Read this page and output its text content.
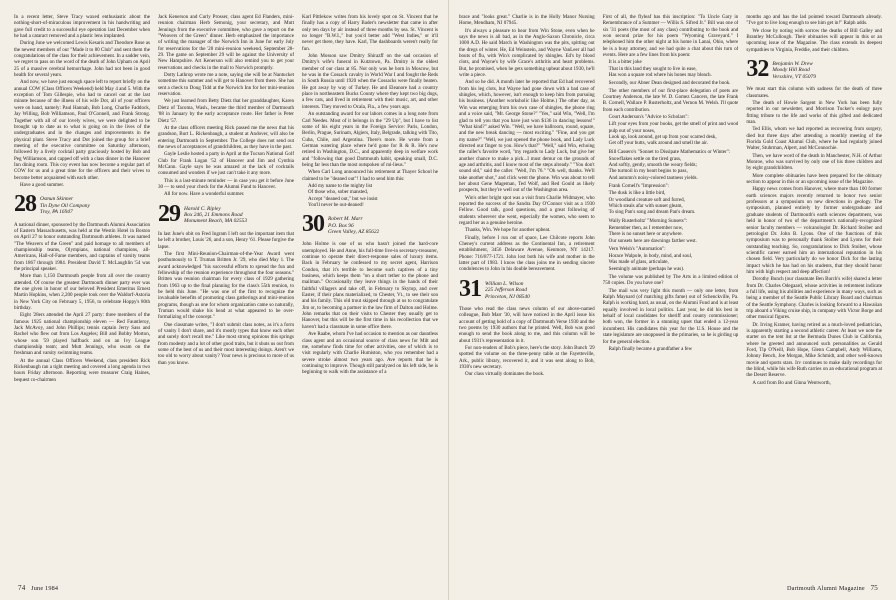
In a recent letter, Steve Tracy waxed enthusiastic about the nothing-short-of-miraculous improvement in his handwriting and gave full credit to a successful eye operation last December when he had a cataract removed and a plastic lens implanted.

During June we welcomed Lewis Kesaris and Theodore Rose as the newest members of our "Made it to 80 Club" and sent them the congratulations of the class for their achievement. In a sadder vein, we regret to pass on the word of the death of John Upham on April 25 of a massive cerebral hemorrhage. John had not been in good health for several years.

And now, we have just enough space left to report briefly on the annual COW (Class Officers Weekend) held May 4 and 5. With the exception of Tom Gillespie, who had to cancel out at the last minute because of the illness of his wife Dot, all of your officers were on hand, namely: Paul Hannah, Bob Long, Charlie Faddock, Jay Willing, Bob Williamson, Paul O'Connell, and Frank Strong. Together with all of our lovely wives, we were delighted to be brought up to date as to what is going on in the lives of the undergraduates and in the changes and improvements in the physical plant. Steve Tracy and Dot joined the group for a brief meeting of the executive committee on Saturday afternoon, followed by a lively cocktail party graciously hosted by Bob and Peg Williamson, and capped off with a class dinner in the Hanover Inn dining room. This coy event has now become a regular part of COW for us and a great time for the officers and their wives to become better acquainted with each other.

Have a good summer.

28 Osmun Skinner
Tin Dyne Oil Company
Troy, PA 16947

A national dinner, sponsored by the Dartmouth Alumni Association of Eastern Massachusetts, was held at the Westin Hotel in Boston on April 27 to honor outstanding Dartmouth athletes. It was named "The Weavers of the Green" and paid homage to all members of championship teams, Olympians, national champions, all-Americans, Hall-of-Fame members, and captains of varsity teams from 1867 through 1984. President David T. McLaughlin '54 was the principal speaker.

More than 1,150 Dartmouth people from all over the country attended. Of course the greatest Dartmouth dinner party ever was the one given in honor of our beloved President Emeritus Ernest Martin Hopkins, when 2,200 people took over the Waldorf-Astoria in New York City on February 5, 1956, to celebrate Hoppy's 80th birthday.

Eight '28ers attended the April 27 party: three members of the famous 1925 national championship eleven — Red Fauntleroy, Jack McAvoy, and John Phillips; tennis captain Jerry Sass and Rachel who flew out from Los Angeles; Bill and Bobby Morton, whose son '59 played halfback and on an Ivy League championship team; and Mutt Jennings, who swam on the freshman and varsity swimming teams.

At the annual Class Officers Weekend, class president Rick Rickenbaugh ran a tight meeting and covered a long agenda in two hours Friday afternoon. Reporting were treasurer Craig Haines, bequest co-chairmen

Jack Kenerson and Curly Prosser, class agent Ed Flanders, mini-reunion chairman Herb Semonig, your secretary, and Mutt Jennings from the executive committee, who gave a report on the "Weavers of the Green" dinner. Herb emphasized the importance of writing the manager of the Norwich Inn in June for early July for reservations for the '28 mini-reunion weekend, September 28-29. The game on September 29 will be against the University of New Hampshire. Art Kenerson will also remind you to get your reservations and checks in the mail to Norwich promptly.

Dotty Lathrop wrote me a note, saying she will be at Nantucket sometime this summer and will get to Hanover from there. She has sent a check to Doug Tidd at the Norwich Inn for her mini-reunion reservation.

We just learned from Betty Dietz that her granddaughter, Karen Dietz of Tacoma, Wash., became the third member of Dartmouth '88 in January by the early acceptance route. Her father is Peter Dietz '57.

At the class officers meeting Rick passed me the news that his grandson, Burt L. Rickenbaugh, a student at Andover, will also be entering Dartmouth in September. The College does not send out the news of acceptances of grandchildren, as they have in the past.

Gayle Leslie hosted a party in April at the Tucson National Golf Club for Frank Logan '52 of Hanover and Jim and Cynthia McCann. Gayle says he was amazed at the lack of cocktails consumed and wonders if we just can't take it any more.

This is a last-minute reminder — in case you get it before June 30 — to send your check for the Alumni Fund to Hanover.

All for now. Have a wonderful summer.

29 Harold C. Ripley
Box 246, 21 Emmons Road
Monument Beach, MA 02553

In last June's obit on Fred Ingram I left out the important item that he left a brother, Louis '26, and a son, Henry '61. Please forgive the lapse.

The first Mini-Reunion-Chairman-of-the-Year Award went posthumously to T. Truman Britten Jr. '29, who died May 1. The award acknowledged "his successful efforts to spread the fun and fellowship of the reunion experience throughout the four seasons." Britten was reunion chairman for every class of 1929 gathering from 1963 up to the final planning for the class's 55th reunion, to be held this June. "He was one of the first to recognize the invaluable benefits of promoting class gatherings and mini-reunion programs, though as one for whom organization came so naturally, Truman would shake his head at what appeared to be over-formalizing of the concept."

One classmate writes, "I don't submit class notes, as it's a form of vanity I don't share, and it's mostly types that know each other and surely don't recall me." Like most strong opinions this springs from modesty and a lot of other good traits, but it shuts us out from some of the best of us and their most interesting doings. Aren't we too old to worry about vanity? Your news is precious to more of us than you know.

Karl Pittlekow writes from his lovely spot on St. Vincent that he finally has a copy of Harry Bader's newsletter that came in after only ten days by air instead of three months by sea. St. Vincent is no longer "B.W.I.," but you'd better add "West Indies," or it'll never get there, they have. Karl, The dashboards weren't really for fun.

John Mosson saw Dmitry Shirazff on the sad occasion of Dmitry's wife's funeral in Kutztown, Pa. Dmitry is the oldest member of our class at 85. Not only was he born in Moscow, but he was in the Cossack cavalry in World War I and fought the Reds in South Russia until 1920 when the Cossacks were finally beaten. He got away by way of Turkey. He and Eleanore had a country place in northeastern Bucks County where they kept two big dogs, a few cats, and lived in retirement with their music, art, and other interests. They moved to Ocala, Fla., a few years ago.

An outstanding award for our labors comes in a long note from Carl Needes. Most of it belongs in the "29 Up", but I have to list some of his eight years in the Foreign Service: Paris, London, Berlin, Prague, Surinam, Algiers, Italy, Belgrade, talking with Tito, Cuba, Chile, and Argentina. There's more. He wrote from a German watering place where he'd gone for R & R. He's now retired in Washington, D.C., and apparently deep in welfare work and "following that good Dartmouth habit, speaking small, D.C. being far less than the most outspoken of mi-lieus."

When Carl Long announced his retirement at Thayer School he claimed to be "deaned out"! I had to send him this:

Add my name to the mighty list
Of those who, sober mansted,
Accept "deaned out," but we insist
You'll never be out-deaned!
30 Robert M. Marr
P.O. Box 96
Green Valley, AZ 85622

John Holme is one of us who hasn't joined the hard-core unemployed. He and Anne, his full-time live-in secretary-treasurer, continue to operate their direct-response sales of luxury items. Back in February he confessed to my secret agent, Harrison Condon, that it's terrible to become such captives of a tiny business, which keeps them "on a short tether to the phone and mailman." Occasionally they leave things in the hands of their faithful villagers and take off, in February to Skytop, and over Easter, if their plans materialized, to Chester, Vt., to see their son and his family. This old trout skipped through at us to congratulate Jim or, to becoming a partner in the law firm of Dalton and Holme. John remarks that on their visits to Chester they usually get to Hanover, but this will be the first time in his recollection that we haven't had a classmate in some office there.

Ave Raabe, whom I've had occasion to mention as our dauntless class agent and an occasional source of class news for Milt and me, somehow finds time for other activities, one of which is to visit regularly with Charlie Humiston, who you remember had a severe stroke almost two years ago. Ave reports that he is continuing to improve. Though still paralyzed on his left side, he is beginning to walk with the assistance of a

74 June 1984

brace and "looks great." Charlie is in the Holly Manor Nursing Home, Mendham, NJ 07945.

It's always a pleasure to hear from Win Stone, even when he says the news is all bad, as in the Anglo-Saxon Chronicle, circa 1000 A.D. He said March in Washington was the pits, spitting out the dregs of winter. He, Ed Weinstein, and Wayne VanLeer all had bouts of flu, with Win's complicated by shingles. Ed's by blood clots, and Wayne's by wife Grace's arthritis and heart problems. But, he promised, when he gets something upbeat about 1930, he'll write a piece.

And so he did. A month later he reported that Ed had recovered from his leg clots, but Wayne had gone down with a bad case of shingles, which, however, isn't enough to keep him from pursuing his business. (Another worksholic like Holme.) The other day, as Win was emerging from his own case of shingles, the phone ring and a voice said, "Mr. George Stone?" "Yes," said Win, "Well, I'm glad to tell you that you have just won $136 in dancing lessons!" "What kind?" asked Win. "Well, we have ballroom, round, square, and the new break dancing — most exciting." "Fine, and you got my name?" "Well, we just opened the phone book, and Lady Luck directed our finger to you. How's that?" "Well," said Win, echoing the caller's favorite word, "my regards to Lady Luck, but give her another chance to make a pick...I must demur on the grounds of age and arthritis, and I know most of the steps already." "You don't sound old," said the caller. "Well, I'm 76." "Oh well, thanks. We'll take another shot," and click went the phone. Win was about to tell her about Gene Mageman, Ted Wolf, and Red Gould as likely prospects, but they're well out of the Washington area.

Win's other bright spot was a visit from Charlie Widmayer, who reported the success of the Sandra Day O'Connor visit as a 1930 Fellow. Good talk, good questions, and a great following of students wherever she went, especially the women, who seem to regard her as a genuine heroine.

Thanks, Win. We hope for another upbeat.

Finally, before I run out of space, Lee Chilcote reports John Cheney's current address as the Continental Inn, a retirement establishment, 3456 Delaware Avenue, Kenmore, NY 14217. Phone: 716/877-1721. John lost both his wife and mother in the latter part of 1983. I know the class joins me in sending sincere condolences to John in his double bereavement.

31 William L. Wilson
225 Jefferson Road
Princeton, NJ 08540

Those who read the class news column of our above-named colleague, Bob Marr '30, will have noticed in the April issue his account of getting hold of a copy of Dartmouth Verse 1930 and the two poems by 1930 authors that he printed. Well, Bob was good enough to send the book along to me, and this column will be about 1931's representation in it.

For non-readers of Bob's piece, here's the story. John Bunch '29 spotted the volume on the three-penny table at the Fayetteville, Ark., public library, recovered it, and it was sent along to Bob, 1930's new secretary.

Our class virtually dominates the book.

First of all, the flyleaf has this inscription: "To Uncle Gary in Remembrance of a Summer — Willis S. Sifred Jr." Bill was one of six '31 poets (the most of any class) contributing to the book and won second prize for his poem "Wyoming Graveyard." I telephoned him the other night at his home in Lanai, Ohio, where he is a busy attorney, and we had quite a chat about this turn of events. Here are a few lines from his poem:

It is a bitter joke
That in this land they sought to live in ease,
Has won a square rod where his bones may bleach.

Secondly, our Abner Dean designed and decorated the book.

The other members of our first-place delegation of poets are Courtney Anderson, the late W. D. Gomez Cancers, the late Frank B. Cornell, Wallace P. Rusterholtz, and Vernon M. Welsh. I'll quote from each contribution.

Court Anderson's "Advice to Scholars":

Lift your eyes from your books, get the smell of print and wood pulp out of your noses,
Look up, look around, get up from your scarred desk,
Get off your butts, walk around and smell the air.

Bill Cassero's "Sonnet to Dissipate Mathematics or Winter":

Snowflakes settle on the tired grass,
And softly, gently, smooth the weary fields;
The turmoil in my heart begins to pass,
And autumn's noisy-colored tautness yields.

Frank Cornell's "Impression":

The dusk is like a little bird,
Or woodland creature soft and furred,
Which steals afar with sunset gleam,
To sing Pan's song and dream Pan's dream.

Wally Rusterholtz' "Morning Sunsets":

Remember then, as I remember now,
There is no sunset here or anywhere.
Our sunsets here are dawnings farther west.

Vern Welsh's "Automation":

Horace Walpole, in body, mind, and soul,
Was made of glass, articulate,
Seemingly animate (perhaps he was).

The volume was published by The Arts in a limited edition of 750 copies. Do you have one?

The mail was very light this month — only one letter, from Ralph Maynard (of matching gifts fame) out of Schenckville, Pa. Ralph is working hard, as usual, on the Alumni Fund and is at least equally involved in local politics. Last year, he did his best in behalf of local candidates for sheriff and county commissioner; both won, the former in a stunning upset that ended a 12-year incumbent. His candidates this year for the U.S. House and the state legislature are unopposed in the primaries, so he is girding up for the general election.

Ralph finally became a grandfather a few

months ago and has the lad pointed toward Dartmouth already. "I've got to live long enough to see him get in!" Ralph adds.

We close by noting with sorrow the deaths of Bill Galley and Brantley McCullough. Their obituaries will appear in this or an upcoming issue of the Magazine. The class extends its deepest sympathies to Virginia, Freddie, and their children.

32 Benjamin W. Drew
Moody Hill Road
Versshire, VT 05079

We must start this column with sadness for the death of three classmates.

The death of Howie Sargent in New York has been fully reported in our newsletter, and Morrison Tucker's eulogy pays fitting tribute to the life and works of this gifted and dedicated man.

Ted Ellis, whom we had reported as recovering from surgery, died but three days after attending a monthly meeting of the Florida Gold Coast Alumni Club, where he had regularly joined Walter, Stuhrman, Alpert, and McConnochie.

Then, we have word of the death in Manchester, N.H. of Arthur Monroe, who was survived by only one of his three children and by eight grandchildren.

More complete obituaries have been prepared for the obituary section to appear in this or an upcoming issue of the Magazine.

Happy news comes from Hanover, where more than 100 former earth sciences majors recently returned to honor two senior professors at a symposium on new directions in geology. The symposium, planned entirely by former undergraduate and graduate students of Dartmouth's earth sciences department, was held in honor of two of the department's nationally-recognized senior faculty members — volcanologist Dr. Richard Stoiber and petrologist Dr. John B. Lyons. One of the functions of this symposium was to personally thank Stoiber and Lyons for their outstanding teaching. So, congratulations to Dick Stoiber, whose scientific career earned him an international reputation in his chosen field. Very particularly do we honor Dick for the lasting impact which he has had on his students, that they should honor him with high respect and deep affection!

Dorothy Bunch (our classmate Ben Burch's wife) shared a letter from Dr. Charles Odegaard, whose activities in retirement indicate a full life, using his abilities and experience in many ways, such as being a member of the Seattle Public Library Board and chairman of the Seattle Symphony. Charles is looking forward to a Hawaiian trip aboard a Viking cruise ship, in company with Victor Borge and other musical figures.

Dr. Irving Kramer, having retired as a much-loved pediatrician, is apparently starting a second athletic career. At least we note the starter on the tent list at the Bermuda Dunes Club in California, where he greeted and announced such personalities as Gerald Ford, Tip O'Neill, Bob Hope, Glenn Campbell, Andy Williams, Johnny Bench, Joe Morgan, Mike Schmidt, and other well-known movie and sports stars. Irv continues to make daily recordings for the blind, while his wife Ruth carries on an educational program at the Desert Reserve.

A card from Bo and Ginna Wentworth,

Dartmouth Alumni Magazine 75
